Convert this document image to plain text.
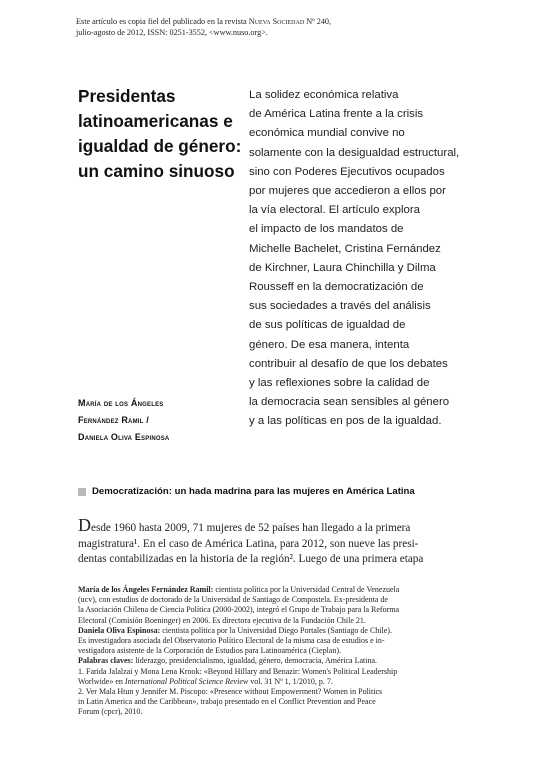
Este artículo es copia fiel del publicado en la revista Nueva Sociedad Nº 240,
julio-agosto de 2012, ISSN: 0251-3552, <www.nuso.org>.
Presidentas latinoamericanas e igualdad de género: un camino sinuoso
María de los Ángeles
Fernández Ramil /
Daniela Oliva Espinosa
La solidez económica relativa
de América Latina frente a la crisis
económica mundial convive no
solamente con la desigualdad estructural,
sino con Poderes Ejecutivos ocupados
por mujeres que accedieron a ellos por
la vía electoral. El artículo explora
el impacto de los mandatos de
Michelle Bachelet, Cristina Fernández
de Kirchner, Laura Chinchilla y Dilma
Rousseff en la democratización de
sus sociedades a través del análisis
de sus políticas de igualdad de
género. De esa manera, intenta
contribuir al desafío de que los debates
y las reflexiones sobre la calidad de
la democracia sean sensibles al género
y a las políticas en pos de la igualdad.
Democratización: un hada madrina para las mujeres en América Latina
Desde 1960 hasta 2009, 71 mujeres de 52 países han llegado a la primera
magistratura¹. En el caso de América Latina, para 2012, son nueve las presi-
dentas contabilizadas en la historia de la región². Luego de una primera etapa
María de los Ángeles Fernández Ramil: cientista política por la Universidad Central de Venezuela
(ucv), con estudios de doctorado de la Universidad de Santiago de Compostela. Ex-presidenta de
la Asociación Chilena de Ciencia Política (2000-2002), integró el Grupo de Trabajo para la Reforma
Electoral (Comisión Boeninger) en 2006. Es directora ejecutiva de la Fundación Chile 21.
Daniela Oliva Espinosa: cientista política por la Universidad Diego Portales (Santiago de Chile).
Es investigadora asociada del Observatorio Político Electoral de la misma casa de estudios e in-
vestigadora asistente de la Corporación de Estudios para Latinoamérica (Cieplan).
Palabras claves: liderazgo, presidencialismo, igualdad, género, democracia, América Latina.
1. Farida Jalalzai y Mona Lena Krook: «Beyond Hillary and Benazir: Women's Political Leadership
Worlwide» en International Political Science Review vol. 31 Nº 1, 1/2010, p. 7.
2. Ver Mala Htun y Jennifer M. Piscopo: «Presence without Empowerment? Women in Politics
in Latin America and the Caribbean», trabajo presentado en el Conflict Prevention and Peace
Forum (cpcr), 2010.
